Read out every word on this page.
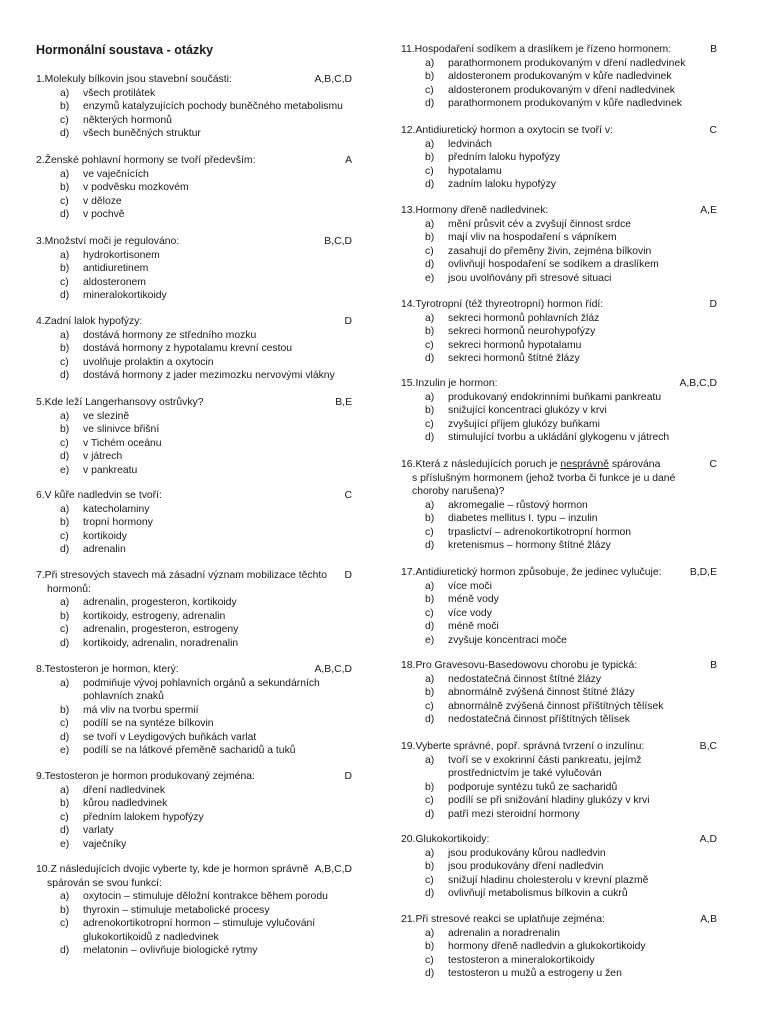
Hormonální soustava - otázky
1.Molekuly bílkovin jsou stavební součásti:	A,B,C,D
a) všech protilátek
b) enzymů katalyzujících pochody buněčného metabolismu
c) některých hormonů
d) všech buněčných struktur
2.Ženské pohlavní hormony se tvoří především:	A
a) ve vaječnících
b) v podvěsku mozkovém
c) v děloze
d) v pochvě
3.Množství moči je regulováno:	B,C,D
a) hydrokortisonem
b) antidiuretinem
c) aldosteronem
d) mineralokortikoidy
4.Zadní lalok hypofýzy:	D
a) dostává hormony ze středního mozku
b) dostává hormony z hypotalamu krevní cestou
c) uvolňuje prolaktin a oxytocin
d) dostává hormony z jader mezimozku nervovými vlákny
5.Kde leží Langerhansovy ostrůvky?	B,E
a) ve slezině
b) ve slinivce břišní
c) v Tichém oceánu
d) v játrech
e) v pankreatu
6.V kůře nadledvin se tvoří:	C
a) katecholaminy
b) tropní hormony
c) kortikoidy
d) adrenalin
7.Při stresových stavech má zásadní význam mobilizace těchto
hormonů:
D
a) adrenalin, progesteron, kortikoidy
b) kortikoidy, estrogeny, adrenalin
c) adrenalin, progesteron, estrogeny
d) kortikoidy, adrenalin, noradrenalin
8.Testosteron je hormon, který:	A,B,C,D
a) podmiňuje vývoj pohlavních orgánů a sekundárních
pohlavních znaků
b) má vliv na tvorbu spermií
c) podílí se na syntéze bílkovin
d) se tvoří v Leydigových buňkách varlat
e) podílí se na látkové přeměně sacharidů a tuků
9.Testosteron je hormon produkovaný zejména:	D
a) dření nadledvinek
b) kůrou nadledvinek
c) předním lalokem hypofýzy
d) varlaty
e) vaječníky
10.Z následujících dvojic vyberte ty, kde je hormon správně
spárován se svou funkcí:
A,B,C,D
a) oxytocin – stimuluje děložní kontrakce během porodu
b) thyroxin – stimuluje metabolické procesy
c) adrenokortikotropní hormon – stimuluje vylučování
glukokortikoidů z nadledvinek
d) melatonin – ovlivňuje biologické rytmy
11.Hospodaření sodíkem a draslíkem je řízeno hormonem:	B
a) parathormonem produkovaným v dření nadledvinek
b) aldosteronem produkovaným v kůře nadledvinek
c) aldosteronem produkovaným v dření nadledvinek
d) parathormonem produkovaným v kůře nadledvinek
12.Antidiuretický hormon a oxytocin se tvoří v:	C
a) ledvinách
b) předním laloku hypofýzy
c) hypotalamu
d) zadním laloku hypofýzy
13.Hormony dřeně nadledvinek:	A,E
a) mění průsvit cév a zvyšují činnost srdce
b) mají vliv na hospodaření s vápníkem
c) zasahují do přeměny živin, zejména bílkovin
d) ovlivňují hospodaření se sodíkem a draslíkem
e) jsou uvolňovány při stresové situaci
14.Tyrotropní (též thyreotropní) hormon řídí:	D
a) sekreci hormonů pohlavních žláz
b) sekreci hormonů neurohypofýzy
c) sekreci hormonů hypotalamu
d) sekreci hormonů štítné žlázy
15.Inzulin je hormon:	A,B,C,D
a) produkovaný endokrinními buňkami pankreatu
b) snižující koncentraci glukózy v krvi
c) zvyšující příjem glukózy buňkami
d) stimulující tvorbu a ukládání glykogenu v játrech
16.Která z následujících poruch je nesprávně spárována
s příslušným hormonem (jehož tvorba či funkce je u dané
choroby narušena)?
C
a) akromegalie – růstový hormon
b) diabetes mellitus I. typu – inzulin
c) trpaslictví – adrenokortikotropní hormon
d) kretenismus – hormony štítné žlázy
17.Antidiuretický hormon způsobuje, že jedinec vylučuje:	B,D,E
a) více moči
b) méně vody
c) více vody
d) méně moči
e) zvyšuje koncentraci moče
18.Pro Gravesovu-Basedowovu chorobu je typická:	B
a) nedostatečná činnost štítné žlázy
b) abnormálně zvýšená činnost štítné žlázy
c) abnormálně zvýšená činnost příštítných tělísek
d) nedostatečná činnost příštítných tělísek
19.Vyberte správné, popř. správná tvrzení o inzulínu:	B,C
a) tvoří se v exokrinní části pankreatu, jejímž
prostřednictvím je také vylučován
b) podporuje syntézu tuků ze sacharidů
c) podílí se při snižování hladiny glukózy v krvi
d) patří mezi steroidní hormony
20.Glukokortikoidy:	A,D
a) jsou produkovány kůrou nadledvin
b) jsou produkovány dření nadledvin
c) snižují hladinu cholesterolu v krevní plazmě
d) ovlivňují metabolismus bílkovin a cukrů
21.Při stresové reakci se uplatňuje zejména:	A,B
a) adrenalin a noradrenalin
b) hormony dřeně nadledvin a glukokortikoidy
c) testosteron a mineralokortikoidy
d) testosteron u mužů a estrogeny u žen
